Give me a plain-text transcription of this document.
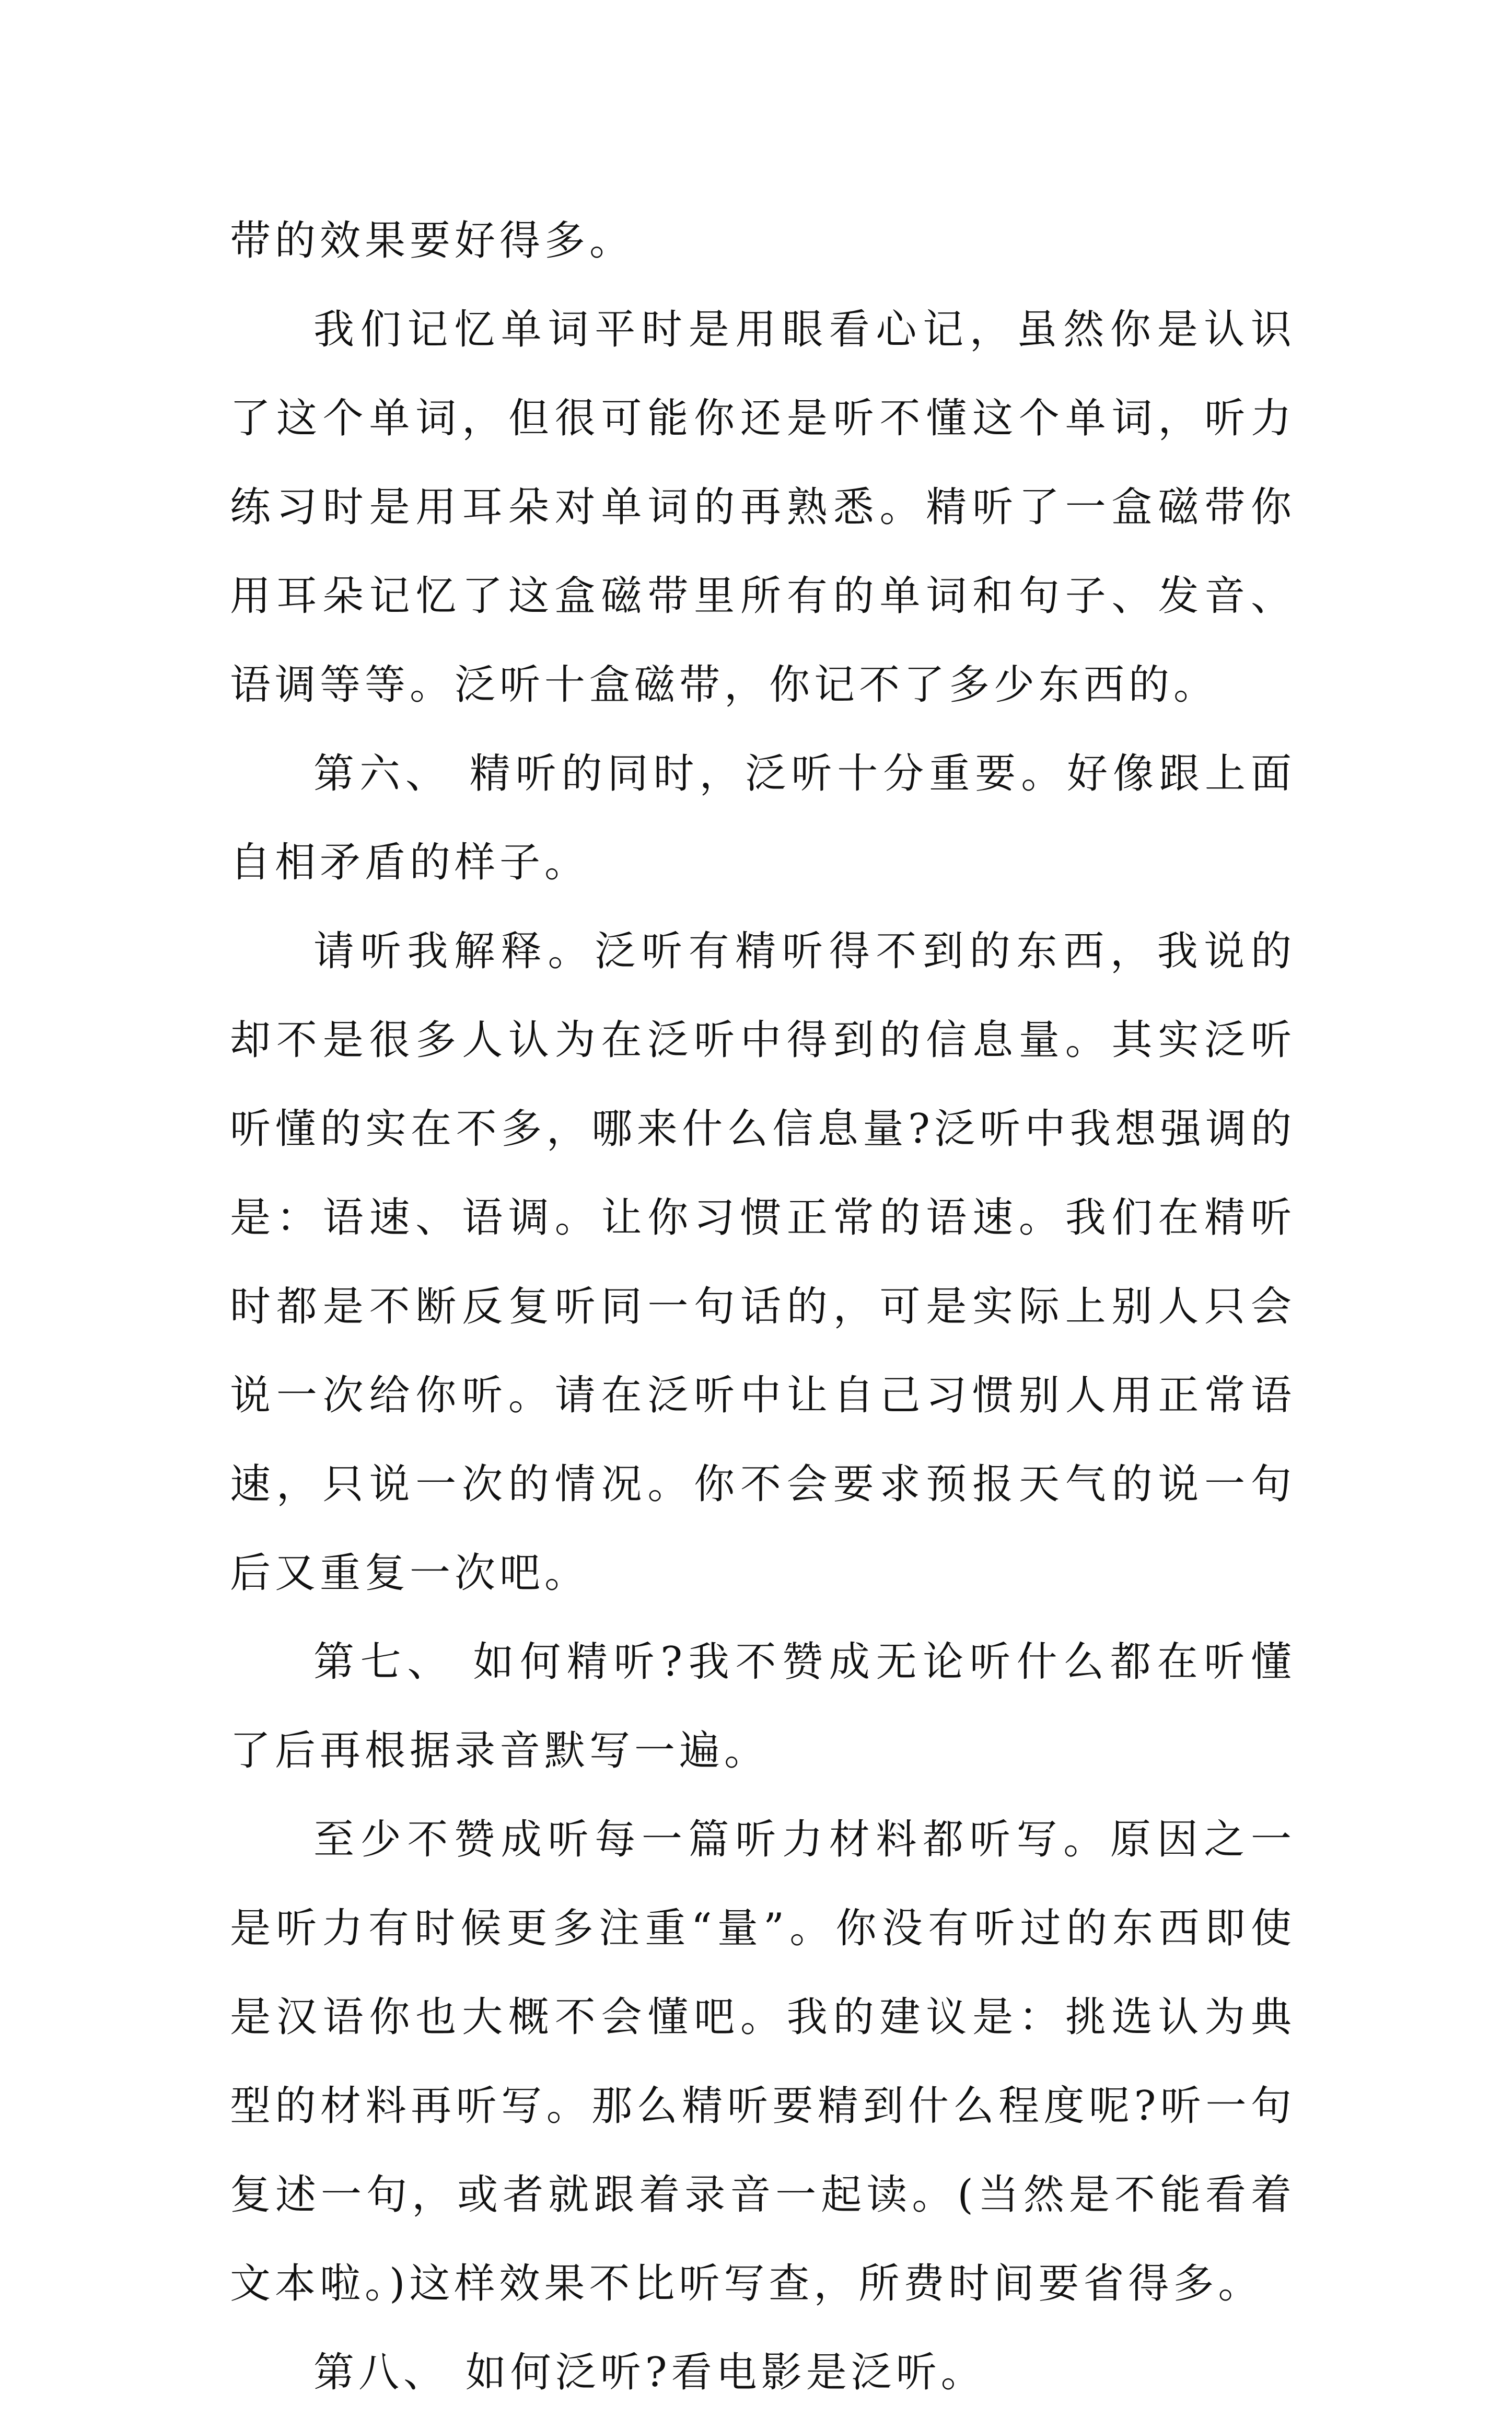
带的效果要好得多。

我们记忆单词平时是用眼看心记，虽然你是认识了这个单词，但很可能你还是听不懂这个单词，听力练习时是用耳朵对单词的再熟悉。精听了一盒磁带你用耳朵记忆了这盒磁带里所有的单词和句子、发音、语调等等。泛听十盒磁带，你记不了多少东西的。

第六、 精听的同时，泛听十分重要。好像跟上面自相矛盾的样子。

请听我解释。泛听有精听得不到的东西，我说的却不是很多人认为在泛听中得到的信息量。其实泛听听懂的实在不多，哪来什么信息量?泛听中我想强调的是：语速、语调。让你习惯正常的语速。我们在精听时都是不断反复听同一句话的，可是实际上别人只会说一次给你听。请在泛听中让自己习惯别人用正常语速，只说一次的情况。你不会要求预报天气的说一句后又重复一次吧。

第七、 如何精听?我不赞成无论听什么都在听懂了后再根据录音默写一遍。

至少不赞成听每一篇听力材料都听写。原因之一是听力有时候更多注重“量”。你没有听过的东西即使是汉语你也大概不会懂吧。我的建议是：挑选认为典型的材料再听写。那么精听要精到什么程度呢?听一句复述一句，或者就跟着录音一起读。(当然是不能看着文本啦。)这样效果不比听写查，所费时间要省得多。

第八、 如何泛听?看电影是泛听。
